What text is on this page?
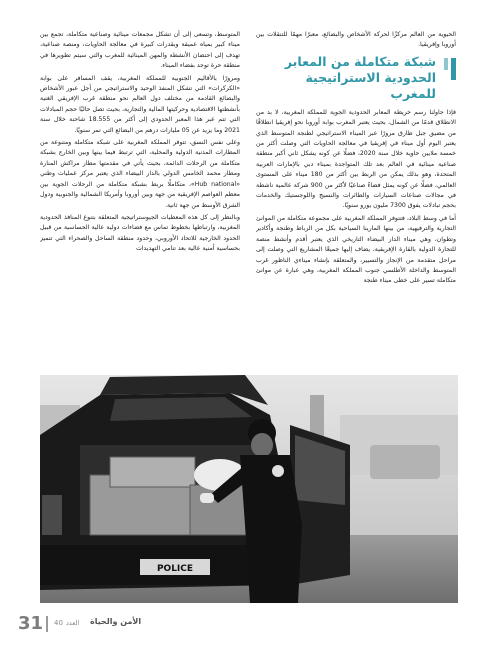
الحيوية من العالم مركزًا لحركة الأشخاص والبضائع، معبرًا مهمًا للتنقلات بين أوروبا وإفريقيا.

شبكة متكاملة من المعابر الحدودية الاستراتيجية للمغرب

فإذا حاولنا رسم خريطة المعابر الحدودية الجوية للمملكة المغربية، لا بد من الانطلاق قدمًا من الشمال، بحيث يعتبر المغرب بوابة أوروبا نحو إفريقيا انطلاقًا من مضيق جبل طارق مرورًا عبر الميناء الاستراتيجي لطنجة المتوسط الذي يعتبر اليوم أول ميناء في إفريقيا في معالجة الحاويات التي وصلت أكثر من خمسة ملايين حاوية خلال سنة 2020، فضلًا عن كونه يشكل ثاني أكبر منطقة صناعية مينائية في العالم بعد تلك المتواجدة بميناء دبي بالإمارات العربية المتحدة، وهو بذلك يمكن من الربط بين أكثر من 180 ميناء على المستوى العالمي، فضلًا عن كونه يمثل فضاءً صناعيًا لأكثر من 900 شركة عالمية ناشطة في مجالات صناعات السيارات والطائرات والنسيج واللوجستيك والخدمات بحجم تبادلات يفوق 7300 مليون يورو سنويًا.

أما في وسط البلاد، فتتوفر المملكة المغربية على مجموعة متكاملة من الموانئ التجارية والترفيهية، من بينها المارينا السياحية بكل من الرباط وطنجة وأكادير وتطوان، وهي ميناء الدار البيضاء التاريخي الذي يعتبر أقدم وأنشط منصة للتجارة الدولية بالقارة الإفريقية، يضاف إليها جميعًا المشاريع التي وصلت إلى مراحل متقدمة من الإنجاز والتسيير، والمتعلقة بإنشاء ميناءي الناظور غرب المتوسط والداخلة الأطلسي جنوب المملكة المغربية، وهي عبارة عن موانئ متكاملة تسير على خطى ميناء طنجة

المتوسط، وتسعى إلى أن تشكل مجمعات مينائية وصناعية متكاملة، تجمع بين ميناء كبير بمياه عميقة وبقدرات كبيرة في معالجة الحاويات، ومنصة صناعية، تهدف إلى احتضان الأنشطة والمهن المينائية للمغرب والتي سيتم تطويرها في منطقة حرة توجد بفضاء الميناء.

ومرورًا بالأقاليم الجنوبية للمملكة المغربية، يقف المسافر على بوابة «الكركرات» التي تشكل المنفذ الوحيد والاستراتيجي من أجل عبور الأشخاص والبضائع القادمة من مختلف دول العالم نحو منطقة غرب الإفريقي الغنية بأنشطتها الاقتصادية وحركيتها المالية والتجارية، بحيث تصل حاليًا حجم المبادلات التي تتم عبر هذا المعبر الحدودي إلى أكثر من 18.555 شاحنة خلال سنة 2021 وما يزيد عن 05 مليارات درهم من البضائع التي تمر سنويًا.

وعلى نفس النسق، تتوفر المملكة المغربية على شبكة متكاملة ومتنوعة من المطارات المدنية الدولية والمحلية، التي ترتبط فيما بينها وبين الخارج بشبكة متكاملة من الرحلات الدائمة، بحيث يأتي في مقدمتها مطار مراكش المنارة ومطار محمد الخامس الدولي بالدار البيضاء الذي يعتبر مركز عمليات وطني «Hub national»، متكاملًا بربط بشبكة متكاملة من الرحلات الجوية بين معظم العواصم الإفريقية من جهة وبين أوروبا وأمريكا الشمالية والجنوبية ودول الشرق الأوسط من جهة ثانية.

وبالنظر إلى كل هذه المعطيات الجيوستراتيجية المتعلقة بتنوع المنافذ الحدودية المغربية، وارتباطها بخطوط تماس مع فضاءات دولية عالية الحساسية من قبيل الحدود الخارجية للاتحاد الأوروبي، وحدود منطقة الساحل والصحراء التي تتميز بحساسية أمنية عالية بعد تنامي التهديدات

POLICE
31 40 العدد الأمن والحياة
